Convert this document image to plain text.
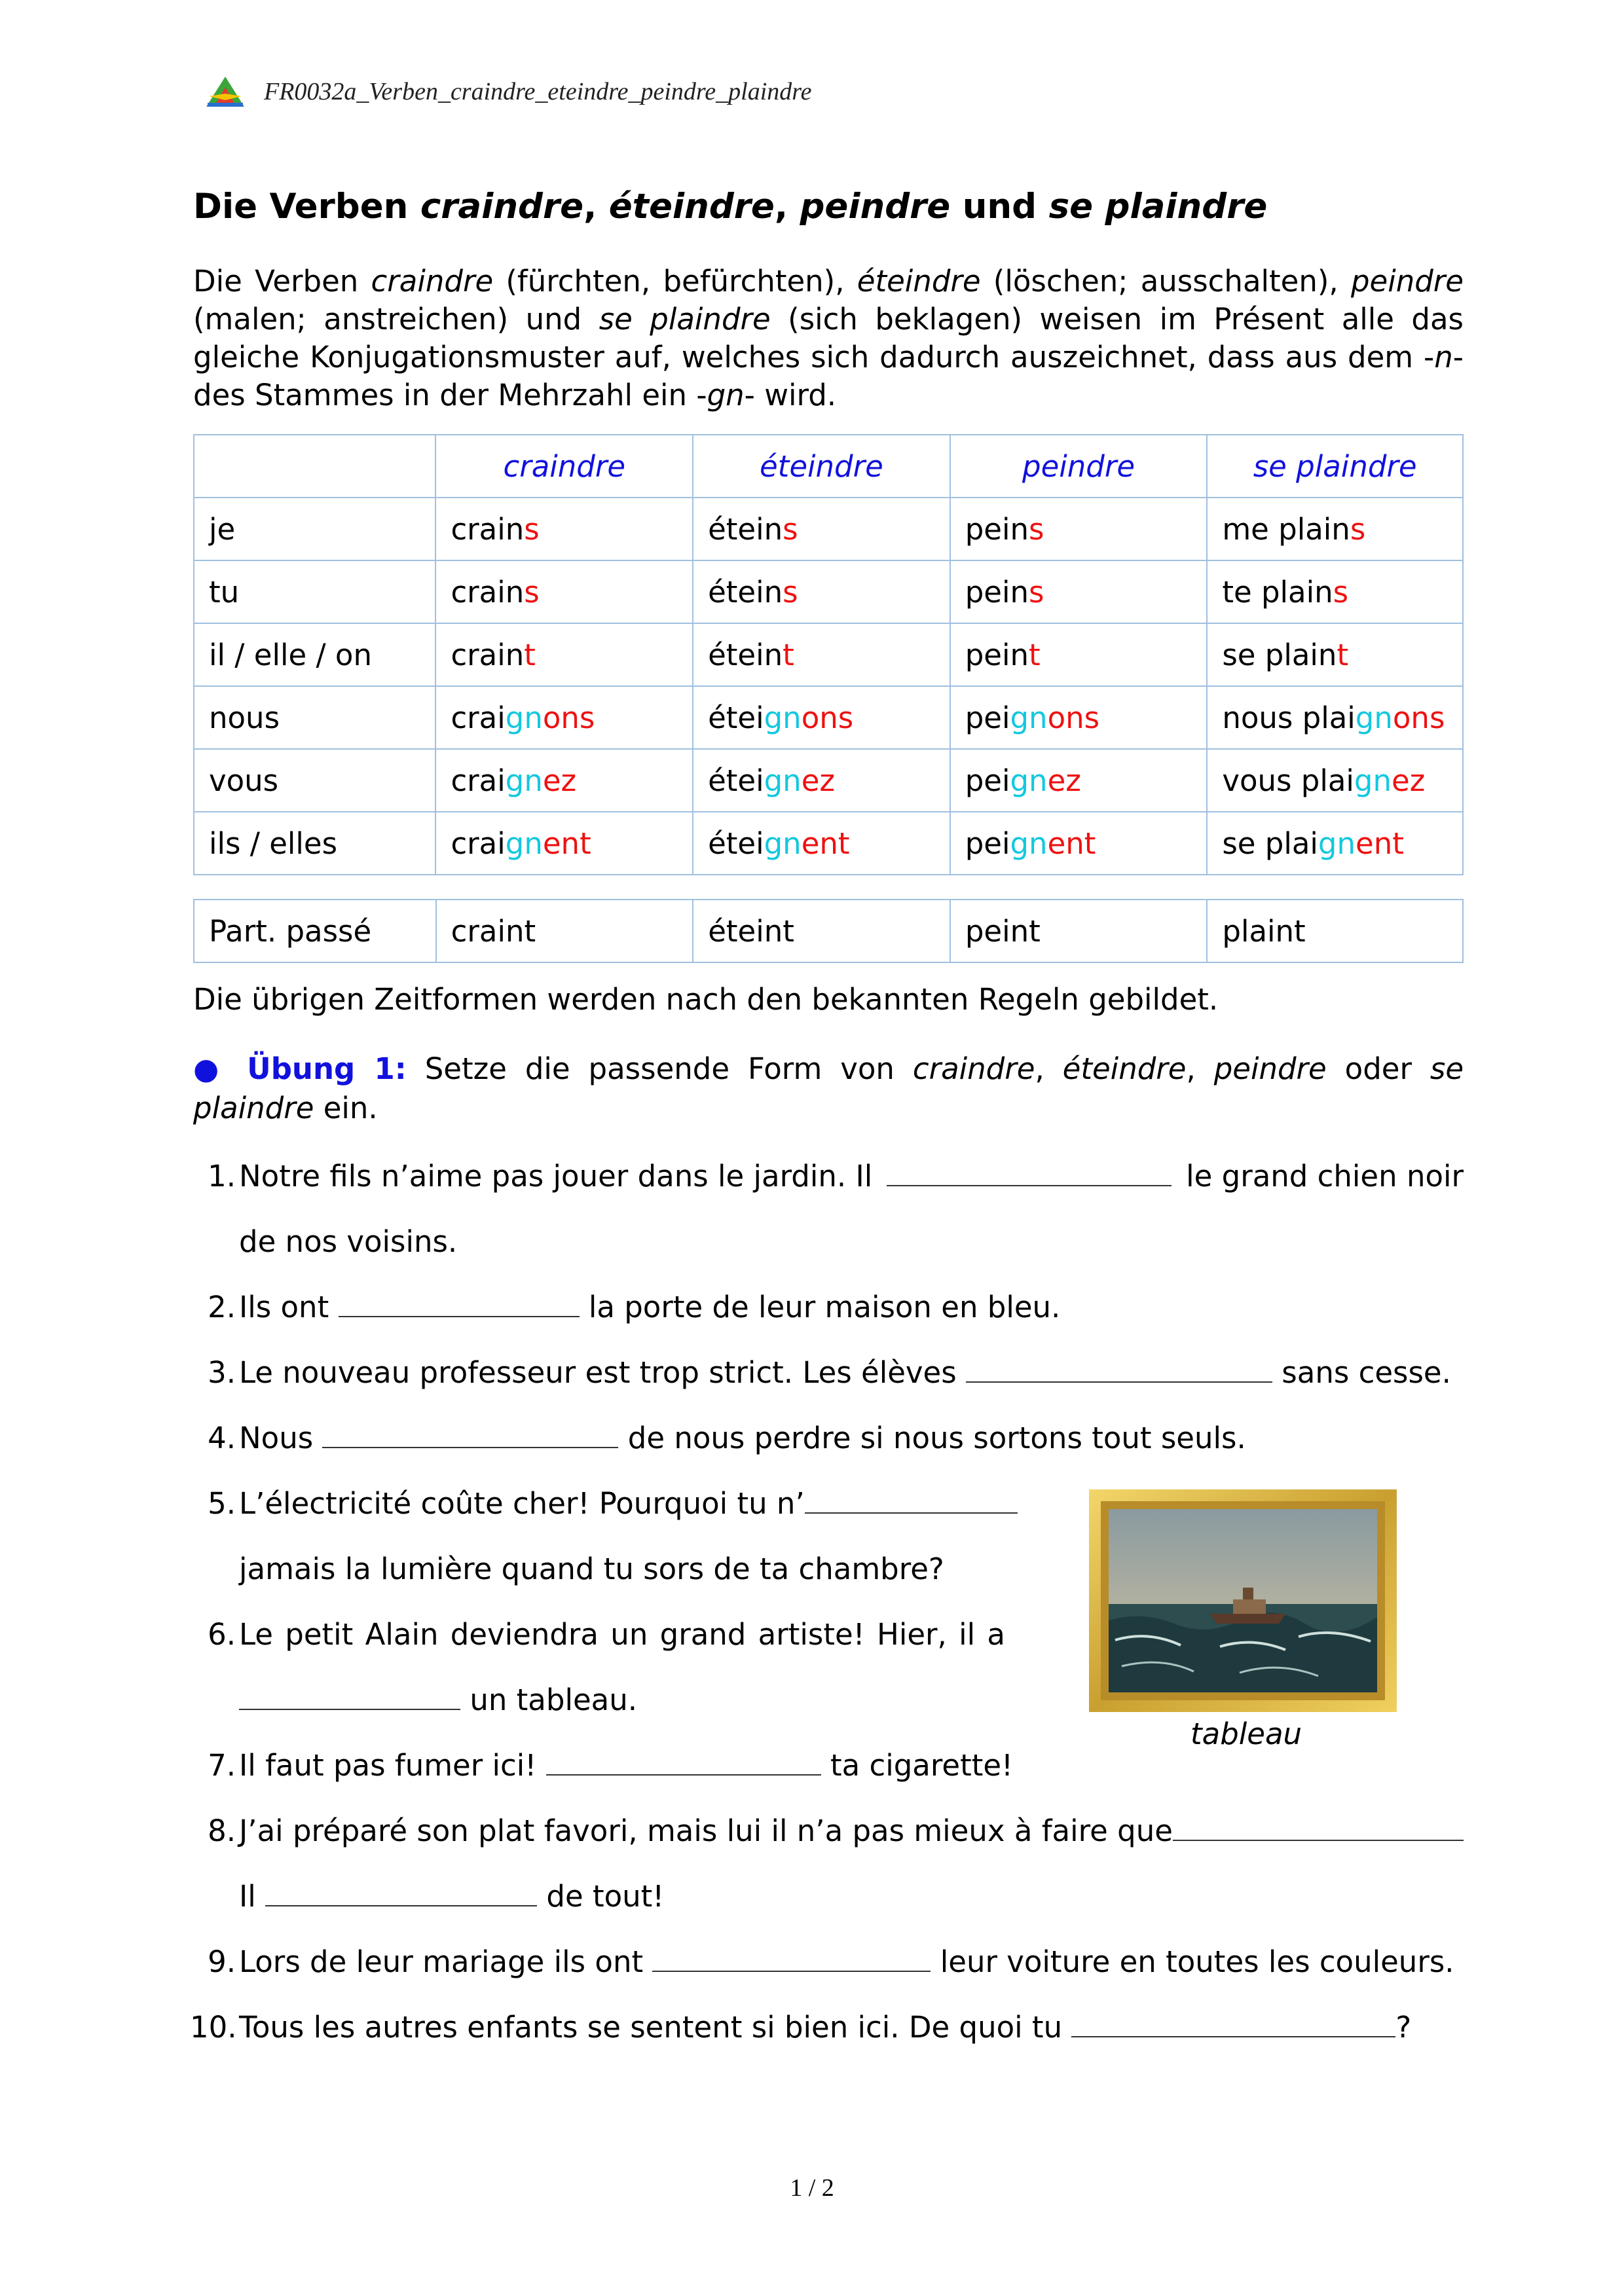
FR0032a_Verben_craindre_eteindre_peindre_plaindre
Die Verben craindre, éteindre, peindre und se plaindre
Die Verben craindre (fürchten, befürchten), éteindre (löschen; ausschalten), peindre (malen; anstreichen) und se plaindre (sich beklagen) weisen im Présent alle das gleiche Konjugationsmuster auf, welches sich dadurch auszeichnet, dass aus dem -n- des Stammes in der Mehrzahl ein -gn- wird.
	craindre	éteindre	peindre	se plaindre
je	crains	éteins	peins	me plains
tu	crains	éteins	peins	te plains
il / elle / on	craint	éteint	peint	se plaint
nous	craignons	éteignons	peignons	nous plaignons
vous	craignez	éteignez	peignez	vous plaignez
ils / elles	craignent	éteignent	peignent	se plaignent
Part. passé	craint	éteint	peint	plaint
Die übrigen Zeitformen werden nach den bekannten Regeln gebildet.
● Übung 1: Setze die passende Form von craindre, éteindre, peindre oder se plaindre ein.
1. Notre fils n’aime pas jouer dans le jardin. Il	le grand chien noir
de nos voisins.
2. Ils ont	la porte de leur maison en bleu.
3. Le nouveau professeur est trop strict. Les élèves	sans cesse.
4. Nous	de nous perdre si nous sortons tout seuls.
5. L’électricité coûte cher! Pourquoi tu n’
jamais la lumière quand tu sors de ta chambre?
6. Le petit Alain deviendra un grand artiste! Hier, il a
un tableau.
tableau
7. Il faut pas fumer ici!	ta cigarette!
8. J’ai préparé son plat favori, mais lui il n’a pas mieux à faire que
Il	de tout!
9. Lors de leur mariage ils ont	leur voiture en toutes les couleurs.
10. Tous les autres enfants se sentent si bien ici. De quoi tu	?
1 / 2
